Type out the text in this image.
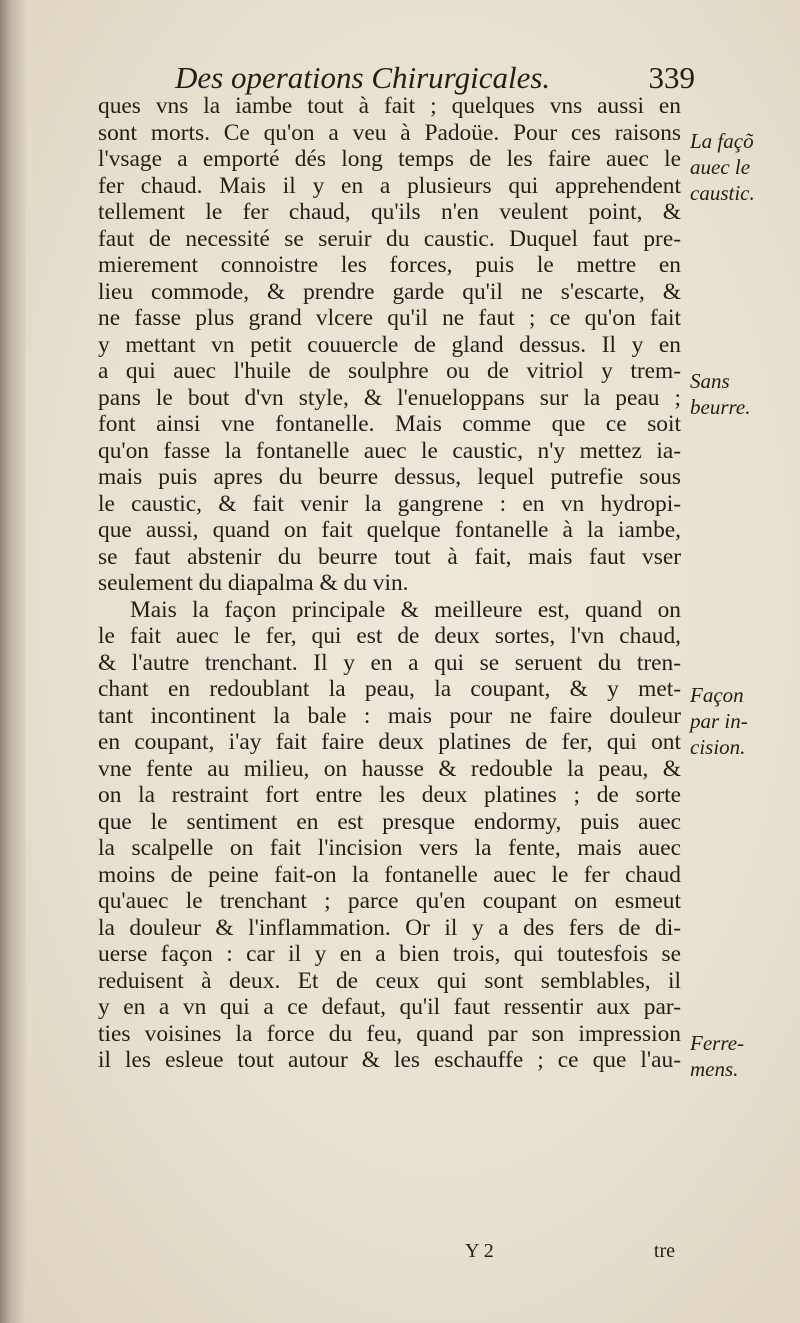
Des operations Chirurgicales.	339
ques vns la iambe tout à fait ; quelques vns aussi en
sont morts. Ce qu'on a veu à Padoüe. Pour ces raisons
l'vsage a emporté dés long temps de les faire auec le
fer chaud. Mais il y en a plusieurs qui apprehendent
tellement le fer chaud, qu'ils n'en veulent point, &
faut de necessité se seruir du caustic. Duquel faut pre-
mierement connoistre les forces, puis le mettre en
lieu commode, & prendre garde qu'il ne s'escarte, &
ne fasse plus grand vlcere qu'il ne faut ; ce qu'on fait
y mettant vn petit couuercle de gland dessus. Il y en
a qui auec l'huile de soulphre ou de vitriol y trem-
pans le bout d'vn style, & l'enueloppans sur la peau ;
font ainsi vne fontanelle. Mais comme que ce soit
qu'on fasse la fontanelle auec le caustic, n'y mettez ia-
mais puis apres du beurre dessus, lequel putrefie sous
le caustic, & fait venir la gangrene : en vn hydropi-
que aussi, quand on fait quelque fontanelle à la iambe,
se faut abstenir du beurre tout à fait, mais faut vser
seulement du diapalma & du vin.
Mais la façon principale & meilleure est, quand on
le fait auec le fer, qui est de deux sortes, l'vn chaud,
& l'autre trenchant. Il y en a qui se seruent du tren-
chant en redoublant la peau, la coupant, & y met-
tant incontinent la bale : mais pour ne faire douleur
en coupant, i'ay fait faire deux platines de fer, qui ont
vne fente au milieu, on hausse & redouble la peau, &
on la restraint fort entre les deux platines ; de sorte
que le sentiment en est presque endormy, puis auec
la scalpelle on fait l'incision vers la fente, mais auec
moins de peine fait-on la fontanelle auec le fer chaud
qu'auec le trenchant ; parce qu'en coupant on esmeut
la douleur & l'inflammation. Or il y a des fers de di-
uerse façon : car il y en a bien trois, qui toutesfois se
reduisent à deux. Et de ceux qui sont semblables, il
y en a vn qui a ce defaut, qu'il faut ressentir aux par-
ties voisines la force du feu, quand par son impression
il les esleue tout autour & les eschauffe ; ce que l'au-
La façõ
auec le
caustic.
Sans
beurre.
Façon
par in-
cision.
Ferre-
mens.
Y 2	tre
